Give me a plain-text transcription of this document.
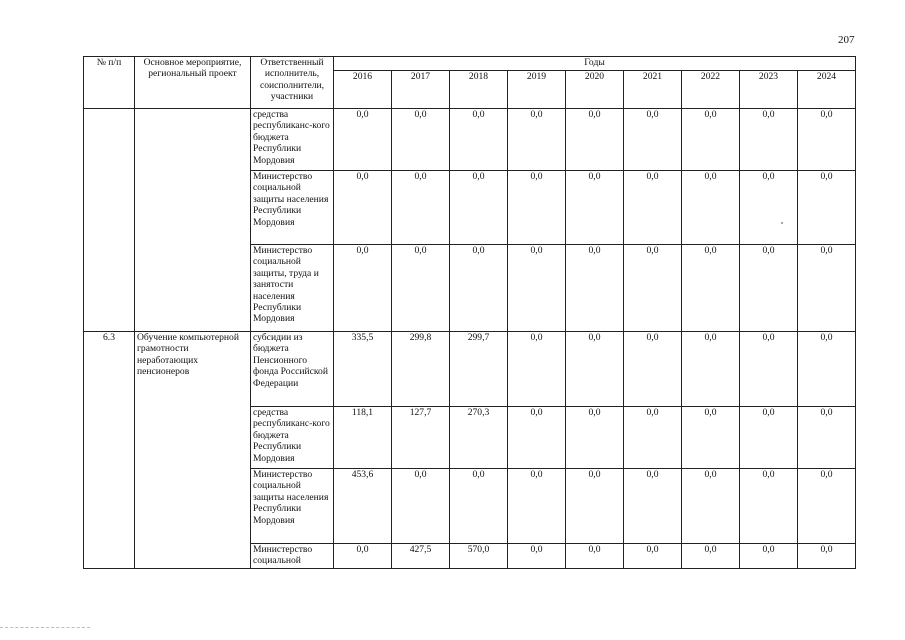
207
№ п/п	Основное мероприятие, региональный проект	Ответственный исполнитель, соисполнители, участники	Годы								
			2016	2017	2018	2019	2020	2021	2022	2023	2024
		средства республиканс-кого бюджета Республики Мордовия	0,0	0,0	0,0	0,0	0,0	0,0	0,0	0,0	0,0
		Министерство социальной защиты населения Республики Мордовия	0,0	0,0	0,0	0,0	0,0	0,0	0,0	0,0	0,0
		Министерство социальной защиты, труда и занятости населения Республики Мордовия	0,0	0,0	0,0	0,0	0,0	0,0	0,0	0,0	0,0
6.3	Обучение компьютерной грамотности неработающих пенсионеров	субсидии из бюджета Пенсионного фонда Российской Федерации	335,5	299,8	299,7	0,0	0,0	0,0	0,0	0,0	0,0
		средства республиканс-кого бюджета Республики Мордовия	118,1	127,7	270,3	0,0	0,0	0,0	0,0	0,0	0,0
		Министерство социальной защиты населения Республики Мордовия	453,6	0,0	0,0	0,0	0,0	0,0	0,0	0,0	0,0
		Министерство социальной	0,0	427,5	570,0	0,0	0,0	0,0	0,0	0,0	0,0
